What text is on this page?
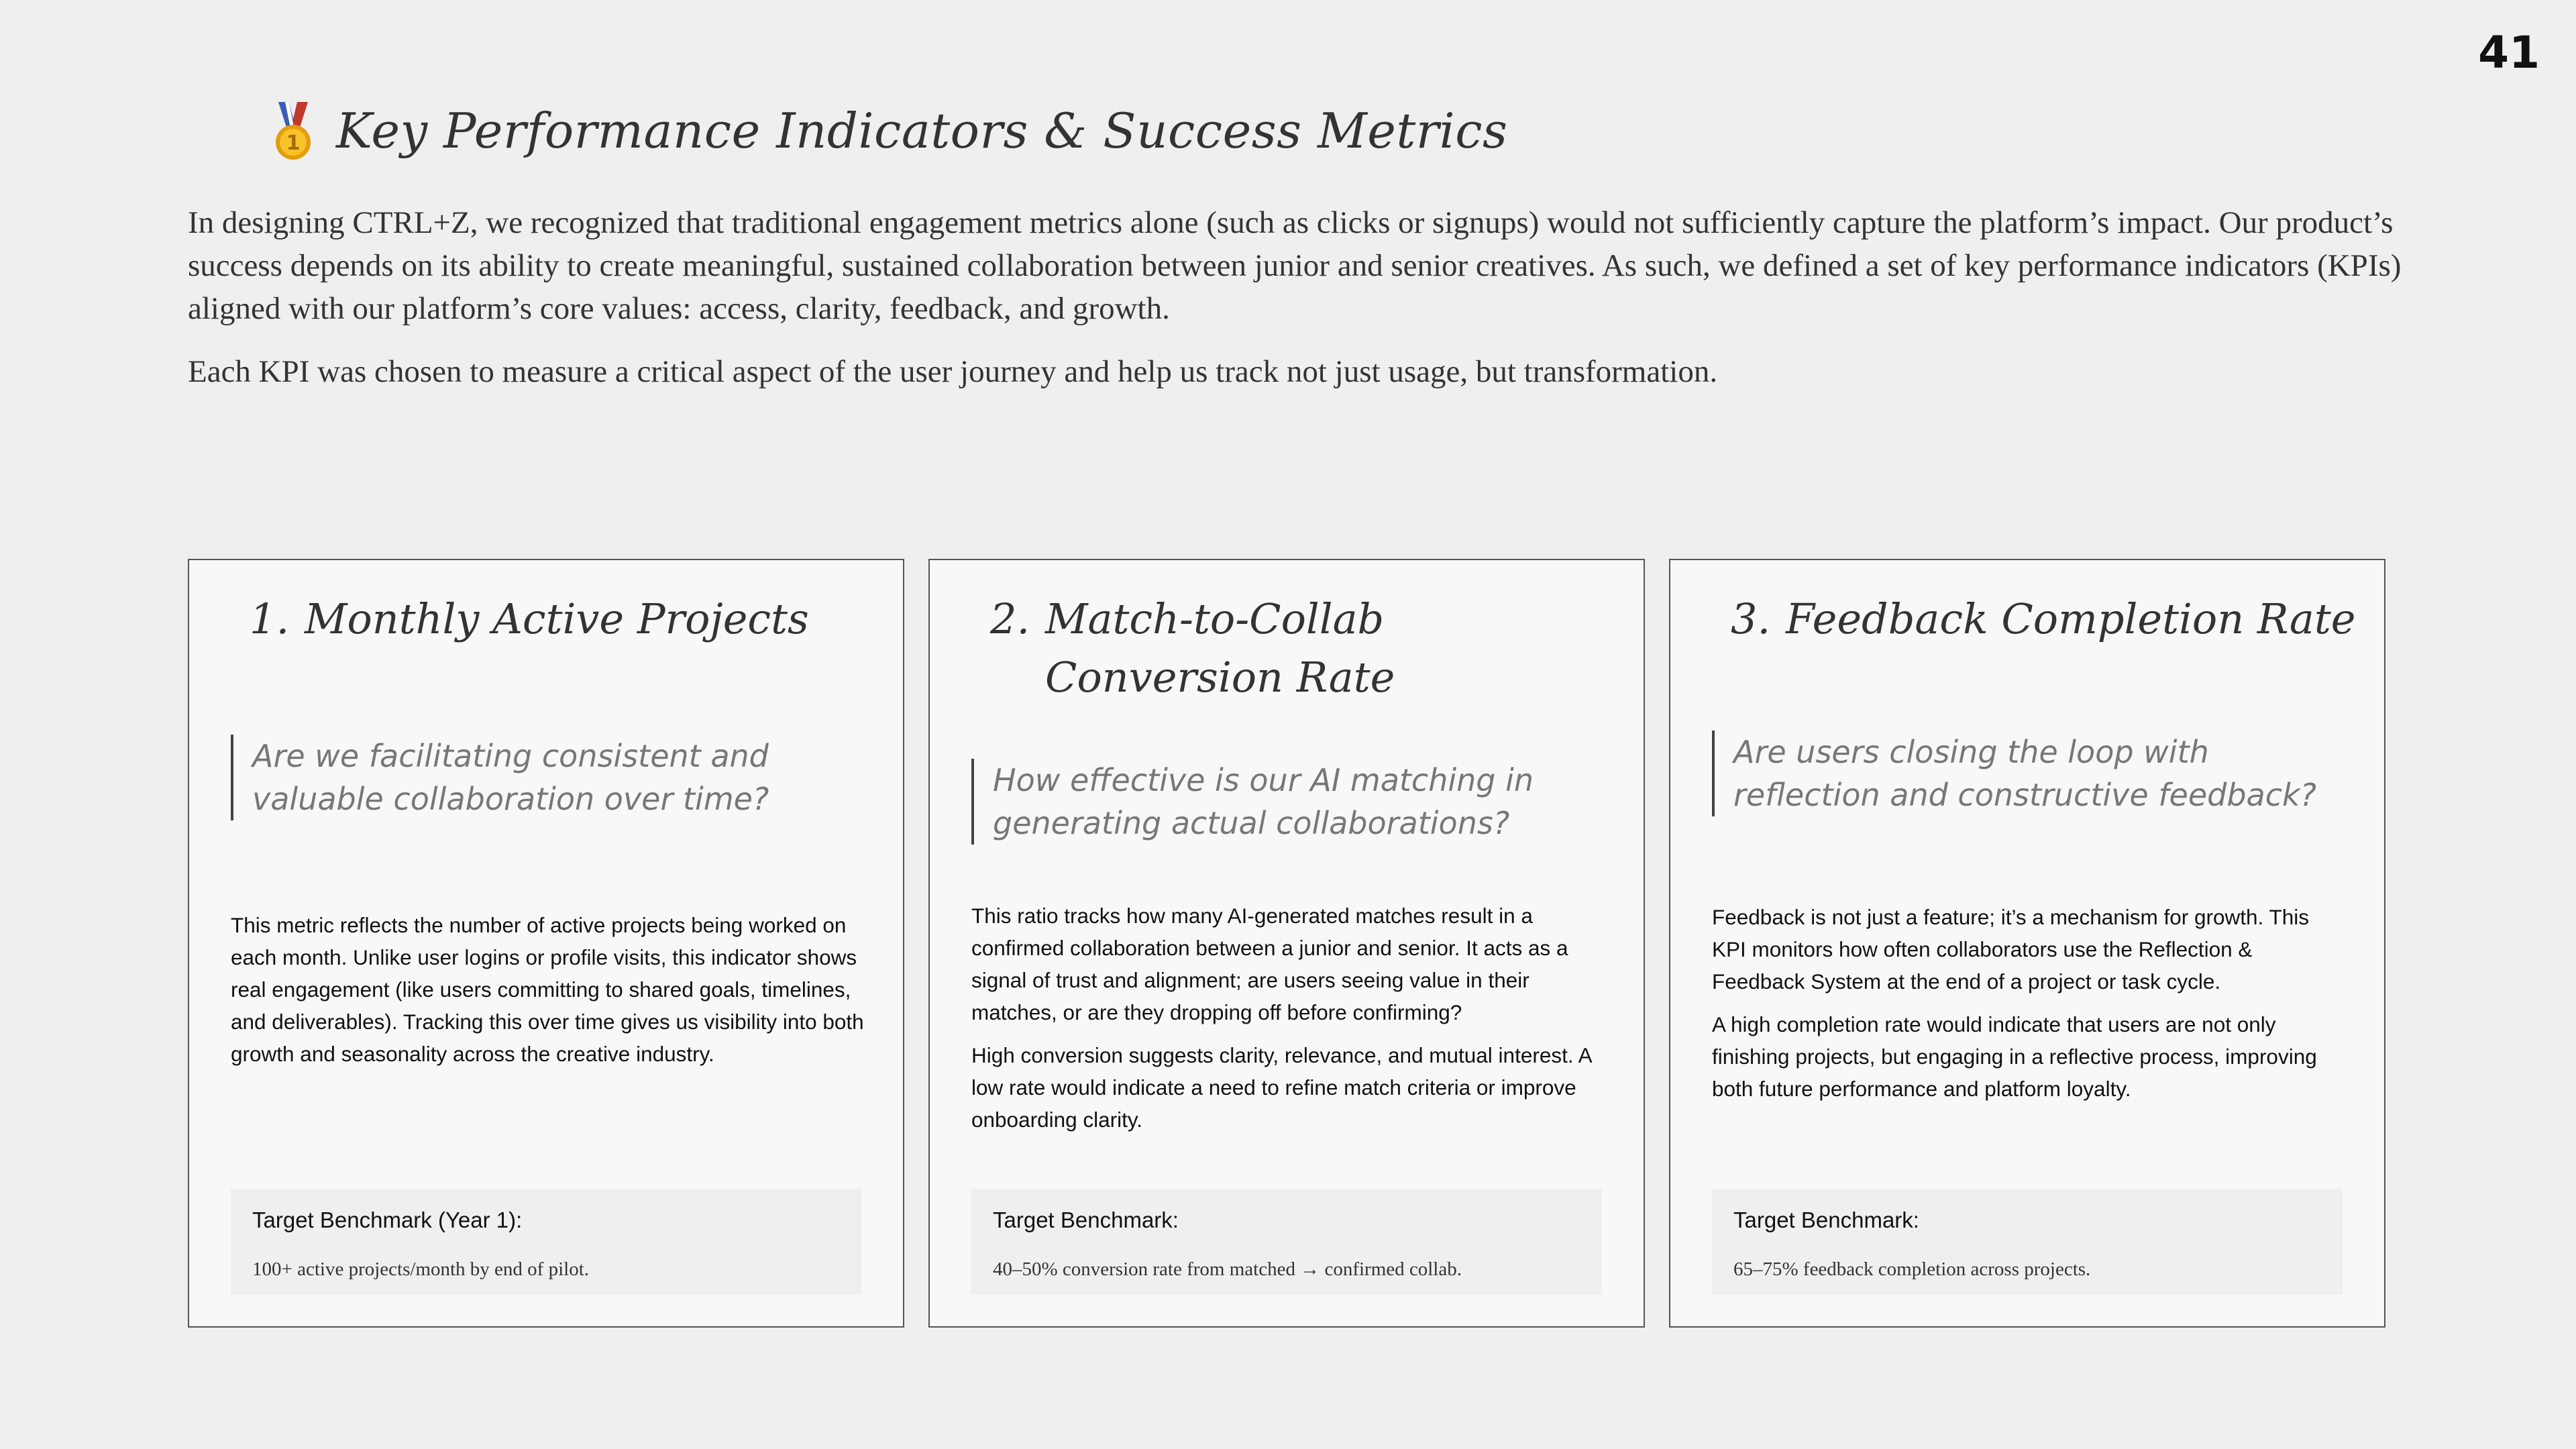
41
1 Key Performance Indicators & Success Metrics

In designing CTRL+Z, we recognized that traditional engagement metrics alone (such as clicks or signups) would not sufficiently capture the platform’s impact. Our product’s success depends on its ability to create meaningful, sustained collaboration between junior and senior creatives. As such, we defined a set of key performance indicators (KPIs) aligned with our platform’s core values: access, clarity, feedback, and growth.

Each KPI was chosen to measure a critical aspect of the user journey and help us track not just usage, but transformation.

1. Monthly Active Projects
Are we facilitating consistent and valuable collaboration over time?

This metric reflects the number of active projects being worked on each month. Unlike user logins or profile visits, this indicator shows real engagement (like users committing to shared goals, timelines, and deliverables). Tracking this over time gives us visibility into both growth and seasonality across the creative industry.

Target Benchmark (Year 1):
100+ active projects/month by end of pilot.
2. Match-to-Collab Conversion Rate
How effective is our AI matching in generating actual collaborations?

This ratio tracks how many AI-generated matches result in a confirmed collaboration between a junior and senior. It acts as a signal of trust and alignment; are users seeing value in their matches, or are they dropping off before confirming?

High conversion suggests clarity, relevance, and mutual interest. A low rate would indicate a need to refine match criteria or improve onboarding clarity.

Target Benchmark:
40–50% conversion rate from matched → confirmed collab.
3. Feedback Completion Rate
Are users closing the loop with reflection and constructive feedback?

Feedback is not just a feature; it’s a mechanism for growth. This KPI monitors how often collaborators use the Reflection & Feedback System at the end of a project or task cycle.

A high completion rate would indicate that users are not only finishing projects, but engaging in a reflective process, improving both future performance and platform loyalty.

Target Benchmark:
65–75% feedback completion across projects.
